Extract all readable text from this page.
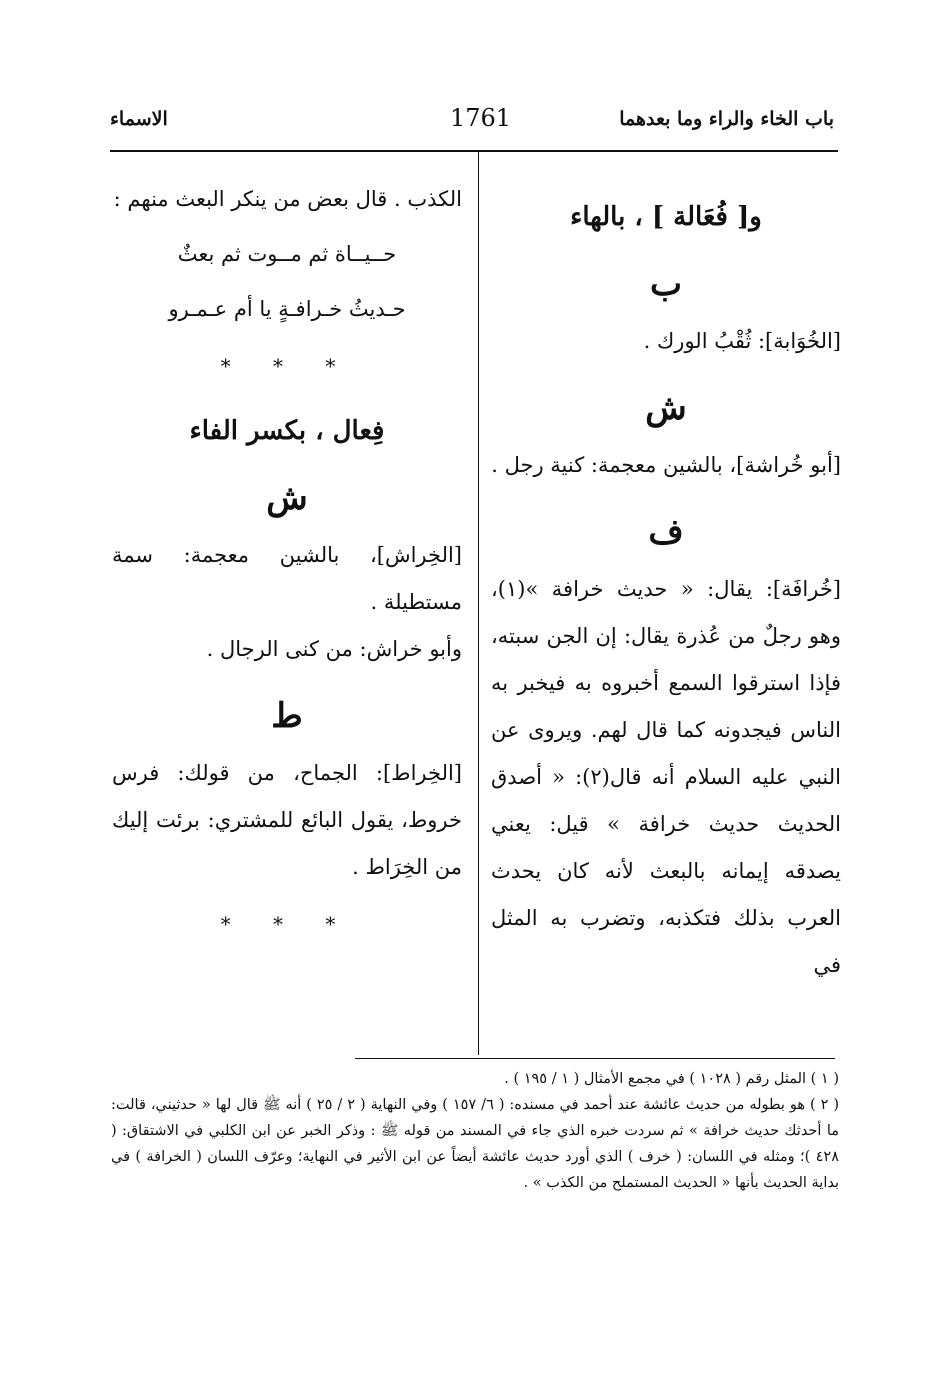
باب الخاء والراء وما بعدهما
1761
الاسماء
و[ فُعَالة ] ، بالهاء
ب

[الخُوَابة]: ثُقْبُ الورك .

ش

[أبو خُراشة]، بالشين معجمة: كنية رجل .

ف

[خُرافَة]: يقال: « حديث خرافة »(١)، وهو رجلٌ من عُذرة يقال: إن الجن سبته، فإذا استرقوا السمع أخبروه به فيخبر به الناس فيجدونه كما قال لهم. ويروى عن النبي عليه السلام أنه قال(٢): « أصدق الحديث حديث خرافة » قيل: يعني يصدقه إيمانه بالبعث لأنه كان يحدث العرب بذلك فتكذبه، وتضرب به المثل في

الكذب . قال بعض من ينكر البعث منهم :

حــيــاة ثم مــوت ثم بعثٌ
حـديثُ خـرافـةٍ يا أم عـمـرو
* * *
فِعال ، بكسر الفاء
ش

[الخِراش]، بالشين معجمة: سمة مستطيلة .

وأبو خراش: من كنى الرجال .

ط

[الخِراط]: الجماح، من قولك: فرس خروط، يقول البائع للمشتري: برئت إليك من الخِرَاط .

* * *

( ١ ) المثل رقم ( ١٠٢٨ ) في مجمع الأمثال ( ١ / ١٩٥ ) .

( ٢ ) هو بطوله من حديث عائشة عند أحمد في مسنده: ( ٦/ ١٥٧ ) وفي النهاية ( ٢ / ٢٥ ) أنه ﷺ قال لها « حدثيني، قالت: ما أحدثك حديث خرافة » ثم سردت خبره الذي جاء في المسند من قوله ﷺ : وذكر الخبر عن ابن الكلبي في الاشتقاق: ( ٤٢٨ )؛ ومثله في اللسان: ( خرف ) الذي أورد حديث عائشة أيضاً عن ابن الأثير في النهاية؛ وعرّف اللسان ( الخرافة ) في بداية الحديث بأنها « الحديث المستملح من الكذب » .
